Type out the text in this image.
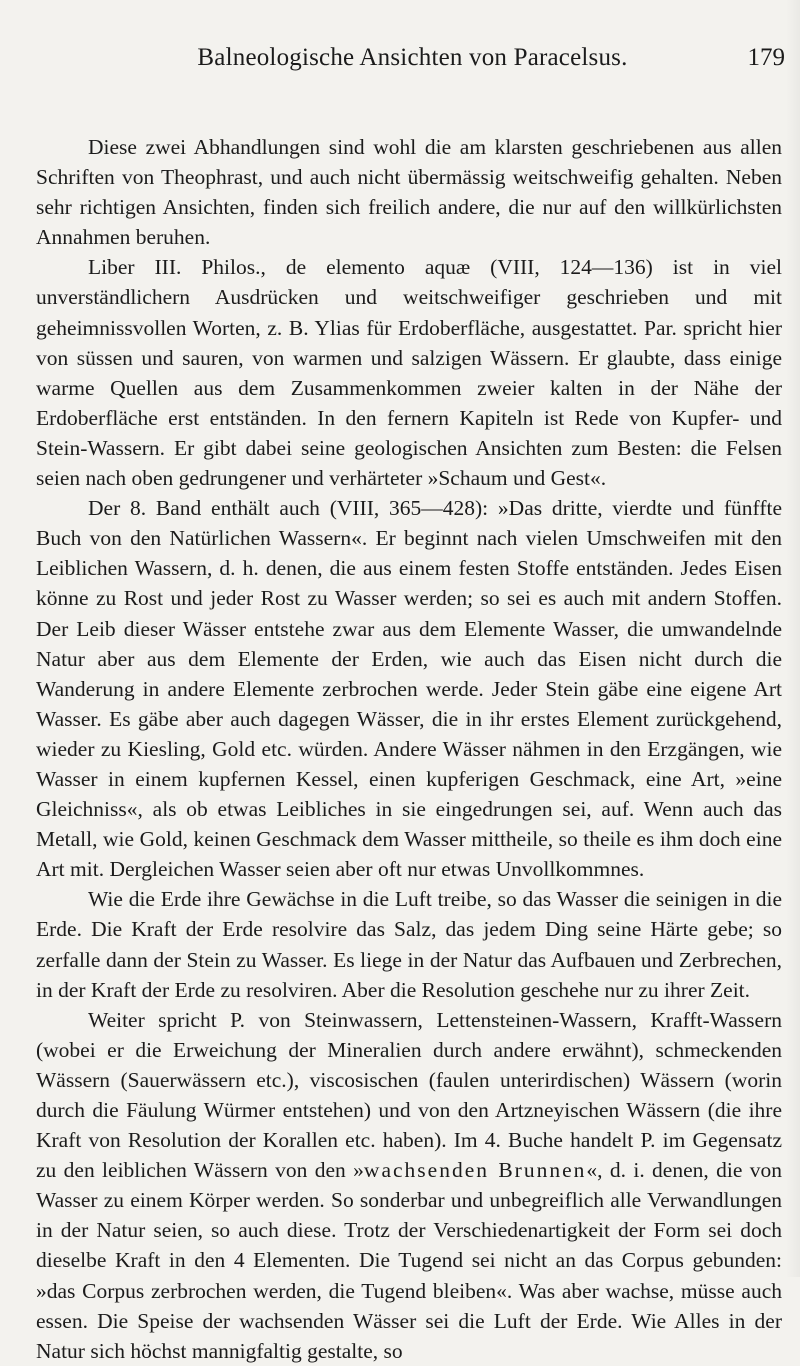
Balneologische Ansichten von Paracelsus.	179

Diese zwei Abhandlungen sind wohl die am klarsten geschriebenen aus allen Schriften von Theophrast, und auch nicht übermässig weitschweifig gehalten. Neben sehr richtigen Ansichten, finden sich freilich andere, die nur auf den willkürlichsten Annahmen beruhen.

Liber III. Philos., de elemento aquæ (VIII, 124—136) ist in viel unverständlichern Ausdrücken und weitschweifiger geschrieben und mit geheimnissvollen Worten, z. B. Ylias für Erdoberfläche, ausgestattet. Par. spricht hier von süssen und sauren, von warmen und salzigen Wässern. Er glaubte, dass einige warme Quellen aus dem Zusammenkommen zweier kalten in der Nähe der Erdoberfläche erst entständen. In den fernern Kapiteln ist Rede von Kupfer- und Stein-Wassern. Er gibt dabei seine geologischen Ansichten zum Besten: die Felsen seien nach oben gedrungener und verhärteter »Schaum und Gest«.

Der 8. Band enthält auch (VIII, 365—428): »Das dritte, vierdte und fünffte Buch von den Natürlichen Wassern«. Er beginnt nach vielen Umschweifen mit den Leiblichen Wassern, d. h. denen, die aus einem festen Stoffe entständen. Jedes Eisen könne zu Rost und jeder Rost zu Wasser werden; so sei es auch mit andern Stoffen. Der Leib dieser Wässer entstehe zwar aus dem Elemente Wasser, die umwandelnde Natur aber aus dem Elemente der Erden, wie auch das Eisen nicht durch die Wanderung in andere Elemente zerbrochen werde. Jeder Stein gäbe eine eigene Art Wasser. Es gäbe aber auch dagegen Wässer, die in ihr erstes Element zurückgehend, wieder zu Kiesling, Gold etc. würden. Andere Wässer nähmen in den Erzgängen, wie Wasser in einem kupfernen Kessel, einen kupferigen Geschmack, eine Art, »eine Gleichniss«, als ob etwas Leibliches in sie eingedrungen sei, auf. Wenn auch das Metall, wie Gold, keinen Geschmack dem Wasser mittheile, so theile es ihm doch eine Art mit. Dergleichen Wasser seien aber oft nur etwas Unvollkommnes.

Wie die Erde ihre Gewächse in die Luft treibe, so das Wasser die seinigen in die Erde. Die Kraft der Erde resolvire das Salz, das jedem Ding seine Härte gebe; so zerfalle dann der Stein zu Wasser. Es liege in der Natur das Aufbauen und Zerbrechen, in der Kraft der Erde zu resolviren. Aber die Resolution geschehe nur zu ihrer Zeit.

Weiter spricht P. von Steinwassern, Lettensteinen-Wassern, Krafft-Wassern (wobei er die Erweichung der Mineralien durch andere erwähnt), schmeckenden Wässern (Sauerwässern etc.), viscosischen (faulen unterirdischen) Wässern (worin durch die Fäulung Würmer entstehen) und von den Artzneyischen Wässern (die ihre Kraft von Resolution der Korallen etc. haben). Im 4. Buche handelt P. im Gegensatz zu den leiblichen Wässern von den »wachsenden Brunnen«, d. i. denen, die von Wasser zu einem Körper werden. So sonderbar und unbegreiflich alle Verwandlungen in der Natur seien, so auch diese. Trotz der Verschiedenartigkeit der Form sei doch dieselbe Kraft in den 4 Elementen. Die Tugend sei nicht an das Corpus gebunden: »das Corpus zerbrochen werden, die Tugend bleiben«. Was aber wachse, müsse auch essen. Die Speise der wachsenden Wässer sei die Luft der Erde. Wie Alles in der Natur sich höchst mannigfaltig gestalte, so
